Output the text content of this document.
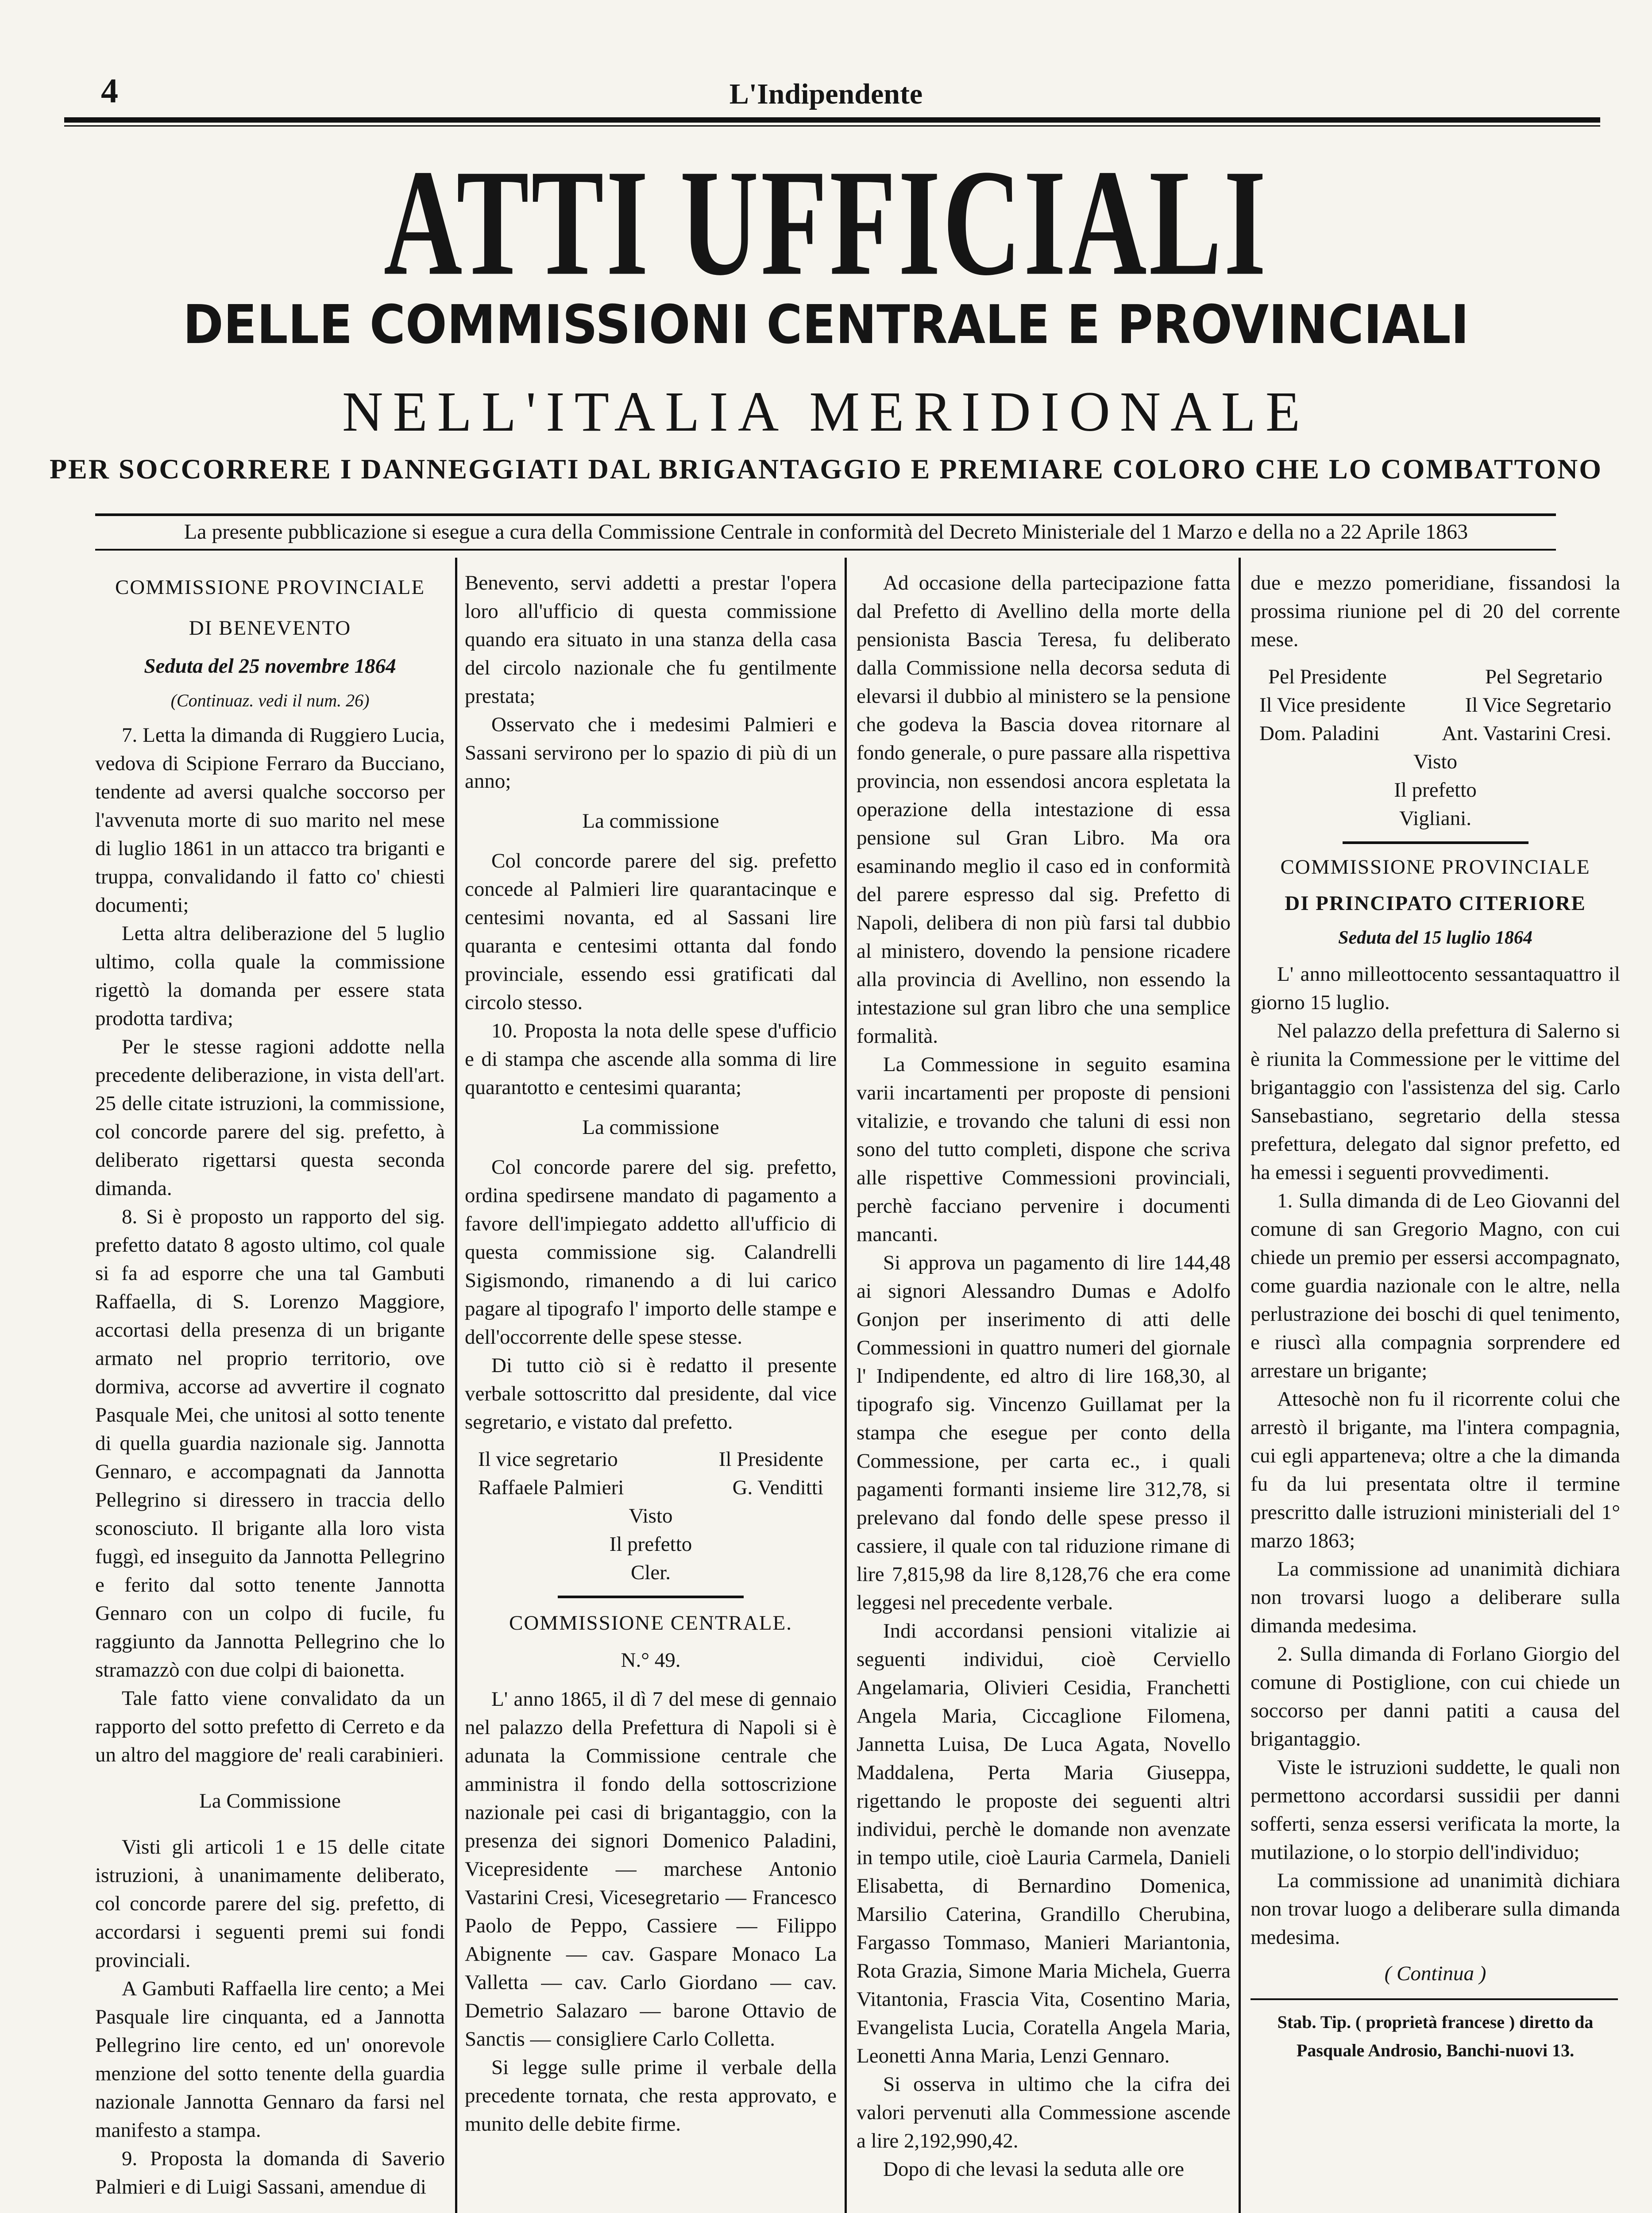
4	L'Indipendente
ATTI UFFICIALI
DELLE COMMISSIONI CENTRALE E PROVINCIALI
NELL'ITALIA MERIDIONALE
PER SOCCORRERE I DANNEGGIATI DAL BRIGANTAGGIO E PREMIARE COLORO CHE LO COMBATTONO
La presente pubblicazione si esegue a cura della Commissione Centrale in conformità del Decreto Ministeriale del 1 Marzo e della no a 22 Aprile 1863

COMMISSIONE PROVINCIALE

DI BENEVENTO

Seduta del 25 novembre 1864

(Continuaz. vedi il num. 26)

7. Letta la dimanda di Ruggiero Lucia, vedova di Scipione Ferraro da Bucciano, tendente ad aversi qualche soccorso per l'avvenuta morte di suo marito nel mese di luglio 1861 in un attacco tra briganti e truppa, convalidando il fatto co' chiesti documenti;

Letta altra deliberazione del 5 luglio ultimo, colla quale la commissione rigettò la domanda per essere stata prodotta tardiva;

Per le stesse ragioni addotte nella precedente deliberazione, in vista dell'art. 25 delle citate istruzioni, la commissione, col concorde parere del sig. prefetto, à deliberato rigettarsi questa seconda dimanda.

8. Si è proposto un rapporto del sig. prefetto datato 8 agosto ultimo, col quale si fa ad esporre che una tal Gambuti Raffaella, di S. Lorenzo Maggiore, accortasi della presenza di un brigante armato nel proprio territorio, ove dormiva, accorse ad avvertire il cognato Pasquale Mei, che unitosi al sotto tenente di quella guardia nazionale sig. Jannotta Gennaro, e accompagnati da Jannotta Pellegrino si diressero in traccia dello sconosciuto. Il brigante alla loro vista fuggì, ed inseguito da Jannotta Pellegrino e ferito dal sotto tenente Jannotta Gennaro con un colpo di fucile, fu raggiunto da Jannotta Pellegrino che lo stramazzò con due colpi di baionetta.

Tale fatto viene convalidato da un rapporto del sotto prefetto di Cerreto e da un altro del maggiore de' reali carabinieri.

La Commissione

Visti gli articoli 1 e 15 delle citate istruzioni, à unanimamente deliberato, col concorde parere del sig. prefetto, di accordarsi i seguenti premi sui fondi provinciali.

A Gambuti Raffaella lire cento; a Mei Pasquale lire cinquanta, ed a Jannotta Pellegrino lire cento, ed un' onorevole menzione del sotto tenente della guardia nazionale Jannotta Gennaro da farsi nel manifesto a stampa.

9. Proposta la domanda di Saverio Palmieri e di Luigi Sassani, amendue di

Benevento, servi addetti a prestar l'opera loro all'ufficio di questa commissione quando era situato in una stanza della casa del circolo nazionale che fu gentilmente prestata;

Osservato che i medesimi Palmieri e Sassani servirono per lo spazio di più di un anno;

La commissione

Col concorde parere del sig. prefetto concede al Palmieri lire quarantacinque e centesimi novanta, ed al Sassani lire quaranta e centesimi ottanta dal fondo provinciale, essendo essi gratificati dal circolo stesso.

10. Proposta la nota delle spese d'ufficio e di stampa che ascende alla somma di lire quarantotto e centesimi quaranta;

La commissione

Col concorde parere del sig. prefetto, ordina spedirsene mandato di pagamento a favore dell'impiegato addetto all'ufficio di questa commissione sig. Calandrelli Sigismondo, rimanendo a di lui carico pagare al tipografo l' importo delle stampe e dell'occorrente delle spese stesse.

Di tutto ciò si è redatto il presente verbale sottoscritto dal presidente, dal vice segretario, e vistato dal prefetto.

Il vice segretario	Il Presidente
Raffaele Palmieri	G. Venditti

Visto

Il prefetto

Cler.

COMMISSIONE CENTRALE.

N.° 49.

L' anno 1865, il dì 7 del mese di gennaio nel palazzo della Prefettura di Napoli si è adunata la Commissione centrale che amministra il fondo della sottoscrizione nazionale pei casi di brigantaggio, con la presenza dei signori Domenico Paladini, Vicepresidente — marchese Antonio Vastarini Cresi, Vicesegretario — Francesco Paolo de Peppo, Cassiere — Filippo Abignente — cav. Gaspare Monaco La Valletta — cav. Carlo Giordano — cav. Demetrio Salazaro — barone Ottavio de Sanctis — consigliere Carlo Colletta.

Si legge sulle prime il verbale della precedente tornata, che resta approvato, e munito delle debite firme.

Ad occasione della partecipazione fatta dal Prefetto di Avellino della morte della pensionista Bascia Teresa, fu deliberato dalla Commissione nella decorsa seduta di elevarsi il dubbio al ministero se la pensione che godeva la Bascia dovea ritornare al fondo generale, o pure passare alla rispettiva provincia, non essendosi ancora espletata la operazione della intestazione di essa pensione sul Gran Libro. Ma ora esaminando meglio il caso ed in conformità del parere espresso dal sig. Prefetto di Napoli, delibera di non più farsi tal dubbio al ministero, dovendo la pensione ricadere alla provincia di Avellino, non essendo la intestazione sul gran libro che una semplice formalità.

La Commessione in seguito esamina varii incartamenti per proposte di pensioni vitalizie, e trovando che taluni di essi non sono del tutto completi, dispone che scriva alle rispettive Commessioni provinciali, perchè facciano pervenire i documenti mancanti.

Si approva un pagamento di lire 144,48 ai signori Alessandro Dumas e Adolfo Gonjon per inserimento di atti delle Commessioni in quattro numeri del giornale l' Indipendente, ed altro di lire 168,30, al tipografo sig. Vincenzo Guillamat per la stampa che esegue per conto della Commessione, per carta ec., i quali pagamenti formanti insieme lire 312,78, si prelevano dal fondo delle spese presso il cassiere, il quale con tal riduzione rimane di lire 7,815,98 da lire 8,128,76 che era come leggesi nel precedente verbale.

Indi accordansi pensioni vitalizie ai seguenti individui, cioè Cerviello Angelamaria, Olivieri Cesidia, Franchetti Angela Maria, Ciccaglione Filomena, Jannetta Luisa, De Luca Agata, Novello Maddalena, Perta Maria Giuseppa, rigettando le proposte dei seguenti altri individui, perchè le domande non avenzate in tempo utile, cioè Lauria Carmela, Danieli Elisabetta, di Bernardino Domenica, Marsilio Caterina, Grandillo Cherubina, Fargasso Tommaso, Manieri Mariantonia, Rota Grazia, Simone Maria Michela, Guerra Vitantonia, Frascia Vita, Cosentino Maria, Evangelista Lucia, Coratella Angela Maria, Leonetti Anna Maria, Lenzi Gennaro.

Si osserva in ultimo che la cifra dei valori pervenuti alla Commessione ascende a lire 2,192,990,42.

Dopo di che levasi la seduta alle ore

due e mezzo pomeridiane, fissandosi la prossima riunione pel di 20 del corrente mese.

Pel Presidente	Pel Segretario
Il Vice presidente	Il Vice Segretario
Dom. Paladini	Ant. Vastarini Cresi.

Visto

Il prefetto

Vigliani.

COMMISSIONE PROVINCIALE

DI PRINCIPATO CITERIORE

Seduta del 15 luglio 1864

L' anno milleottocento sessantaquattro il giorno 15 luglio.

Nel palazzo della prefettura di Salerno si è riunita la Commessione per le vittime del brigantaggio con l'assistenza del sig. Carlo Sansebastiano, segretario della stessa prefettura, delegato dal signor prefetto, ed ha emessi i seguenti provvedimenti.

1. Sulla dimanda di de Leo Giovanni del comune di san Gregorio Magno, con cui chiede un premio per essersi accompagnato, come guardia nazionale con le altre, nella perlustrazione dei boschi di quel tenimento, e riuscì alla compagnia sorprendere ed arrestare un brigante;

Attesochè non fu il ricorrente colui che arrestò il brigante, ma l'intera compagnia, cui egli apparteneva; oltre a che la dimanda fu da lui presentata oltre il termine prescritto dalle istruzioni ministeriali del 1° marzo 1863;

La commissione ad unanimità dichiara non trovarsi luogo a deliberare sulla dimanda medesima.

2. Sulla dimanda di Forlano Giorgio del comune di Postiglione, con cui chiede un soccorso per danni patiti a causa del brigantaggio.

Viste le istruzioni suddette, le quali non permettono accordarsi sussidii per danni sofferti, senza essersi verificata la morte, la mutilazione, o lo storpio dell'individuo;

La commissione ad unanimità dichiara non trovar luogo a deliberare sulla dimanda medesima.

( Continua )

Stab. Tip. ( proprietà francese ) diretto da

Pasquale Androsio, Banchi-nuovi 13.
